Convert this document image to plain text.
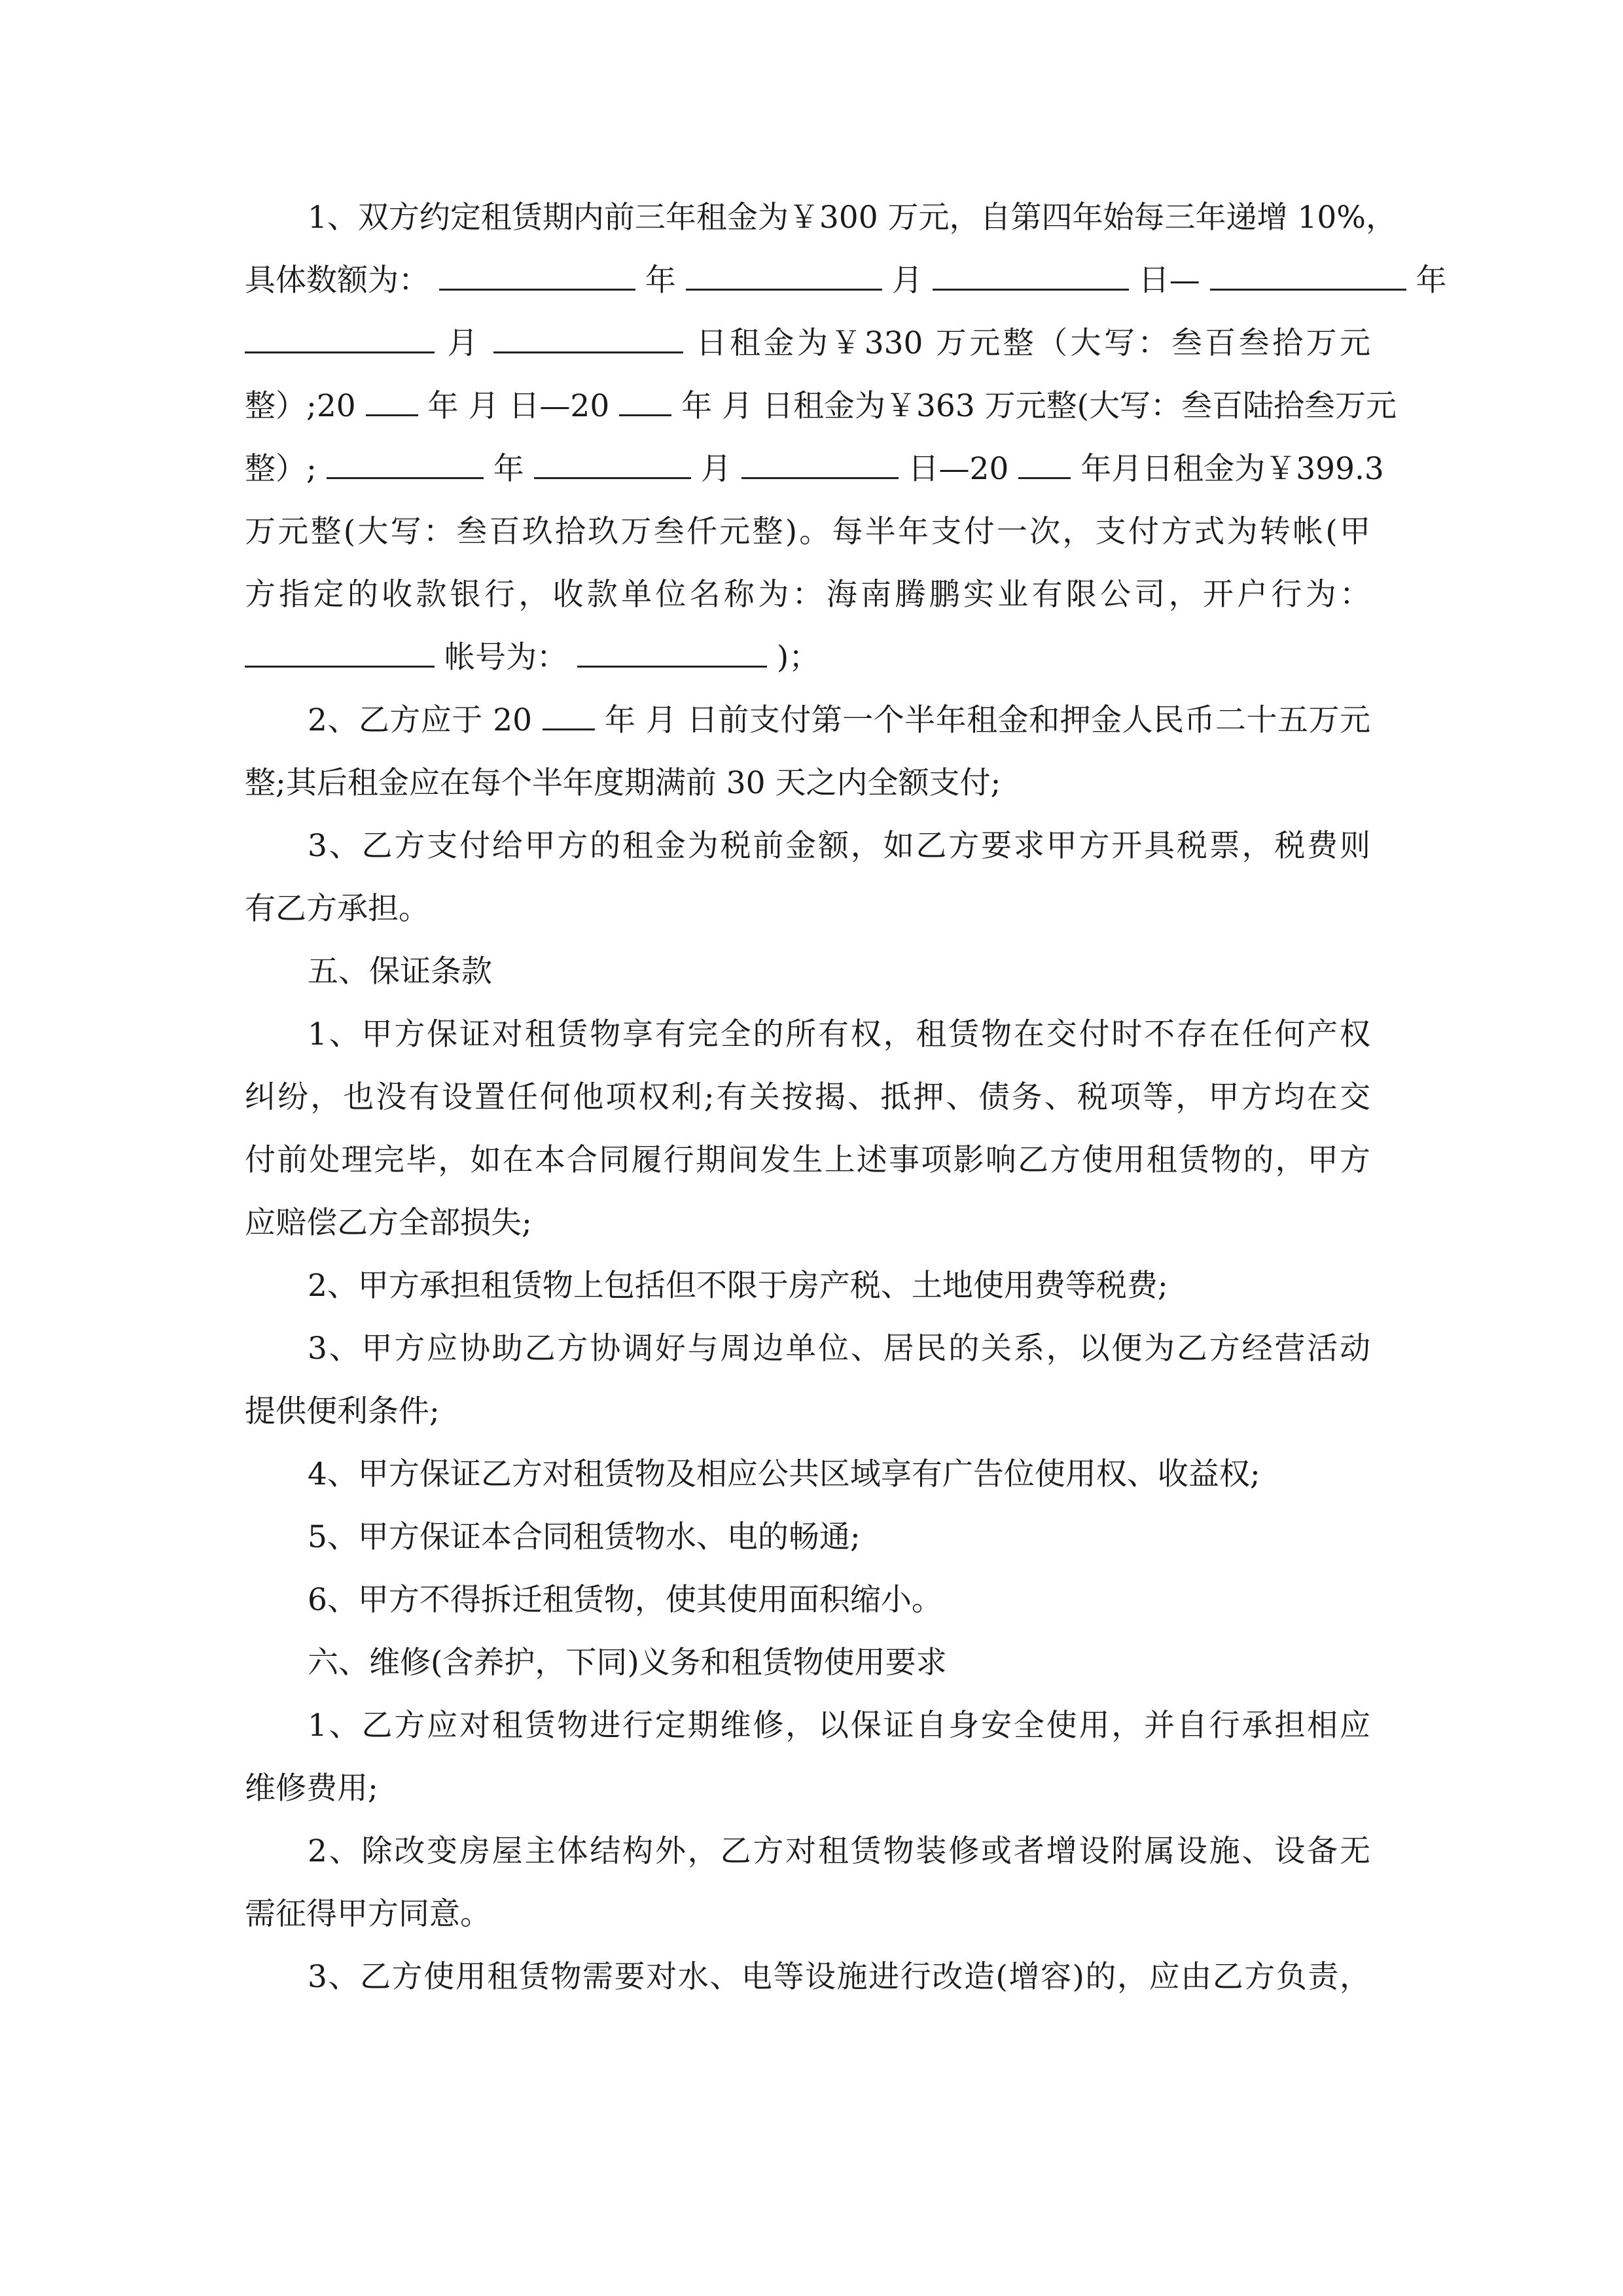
1、双方约定租赁期内前三年租金为￥300 万元，自第四年始每三年递增 10%，
具体数额为：	年	月	日—	年
月	日租金为￥330 万元整（大写：叁百叁拾万元
整）;20 年 月 日—20 年 月 日租金为￥363 万元整(大写：叁百陆拾叁万元
整）;	年	月	日—20 年月日租金为￥399.3
万元整(大写：叁百玖拾玖万叁仟元整)。每半年支付一次，支付方式为转帐(甲
方指定的收款银行，收款单位名称为：海南腾鹏实业有限公司，开户行为：
帐号为：	)；
2、乙方应于 20 年 月 日前支付第一个半年租金和押金人民币二十五万元
整;其后租金应在每个半年度期满前 30 天之内全额支付;
3、乙方支付给甲方的租金为税前金额，如乙方要求甲方开具税票，税费则
有乙方承担。
五、保证条款
1、甲方保证对租赁物享有完全的所有权，租赁物在交付时不存在任何产权
纠纷，也没有设置任何他项权利;有关按揭、抵押、债务、税项等，甲方均在交
付前处理完毕，如在本合同履行期间发生上述事项影响乙方使用租赁物的，甲方
应赔偿乙方全部损失;
2、甲方承担租赁物上包括但不限于房产税、土地使用费等税费;
3、甲方应协助乙方协调好与周边单位、居民的关系，以便为乙方经营活动
提供便利条件;
4、甲方保证乙方对租赁物及相应公共区域享有广告位使用权、收益权;
5、甲方保证本合同租赁物水、电的畅通;
6、甲方不得拆迁租赁物，使其使用面积缩小。
六、维修(含养护，下同)义务和租赁物使用要求
1、乙方应对租赁物进行定期维修，以保证自身安全使用，并自行承担相应
维修费用;
2、除改变房屋主体结构外，乙方对租赁物装修或者增设附属设施、设备无
需征得甲方同意。
3、乙方使用租赁物需要对水、电等设施进行改造(增容)的，应由乙方负责，
